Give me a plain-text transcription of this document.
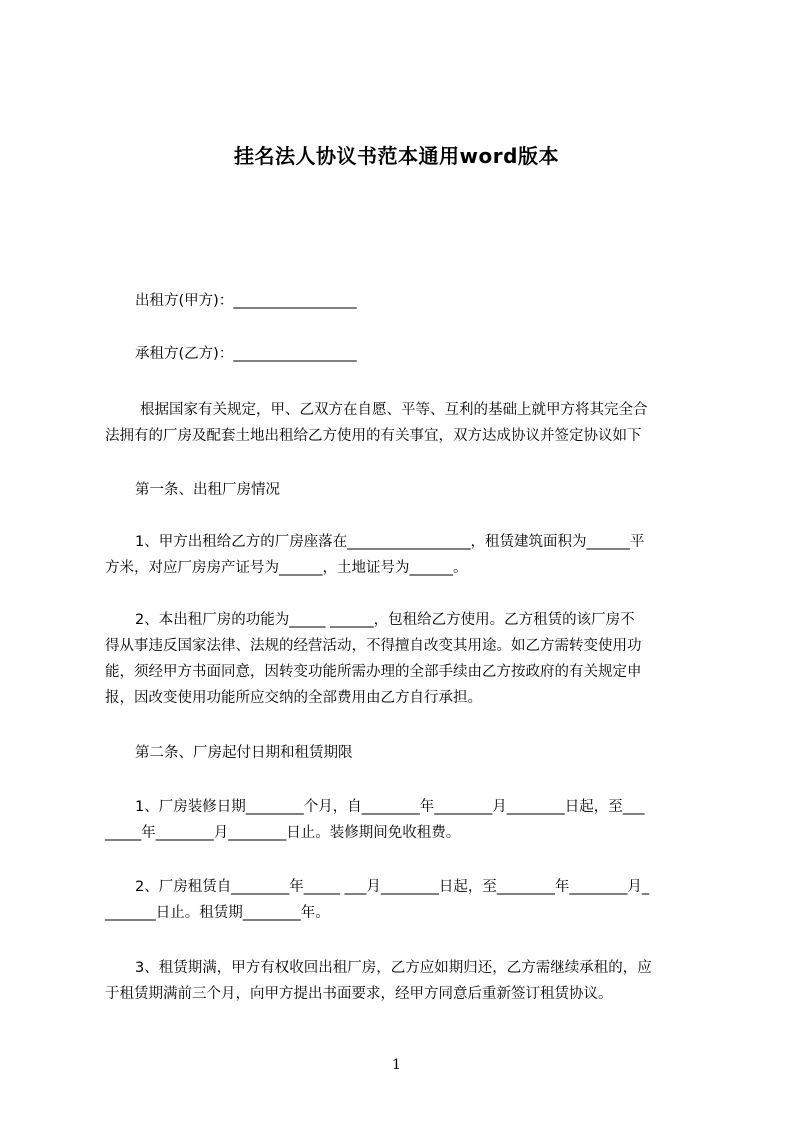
挂名法人协议书范本通用word版本
出租方(甲方)：_________________
承租方(乙方)：_________________
根据国家有关规定，甲、乙双方在自愿、平等、互利的基础上就甲方将其完全合
法拥有的厂房及配套土地出租给乙方使用的有关事宜，双方达成协议并签定协议如下
第一条、出租厂房情况
1、甲方出租给乙方的厂房座落在_________________，租赁建筑面积为______平
方米，对应厂房房产证号为______，土地证号为______。
2、本出租厂房的功能为_____ ______，包租给乙方使用。乙方租赁的该厂房不
得从事违反国家法律、法规的经营活动，不得擅自改变其用途。如乙方需转变使用功
能，须经甲方书面同意，因转变功能所需办理的全部手续由乙方按政府的有关规定申
报，因改变使用功能所应交纳的全部费用由乙方自行承担。
第二条、厂房起付日期和租赁期限
1、厂房装修日期________个月，自________年________月________日起，至___
_____年________月________日止。装修期间免收租费。
2、厂房租赁自________年_____ ___月________日起，至________年________月_
_______日止。租赁期________年。
3、租赁期满，甲方有权收回出租厂房，乙方应如期归还，乙方需继续承租的，应
于租赁期满前三个月，向甲方提出书面要求，经甲方同意后重新签订租赁协议。
1
